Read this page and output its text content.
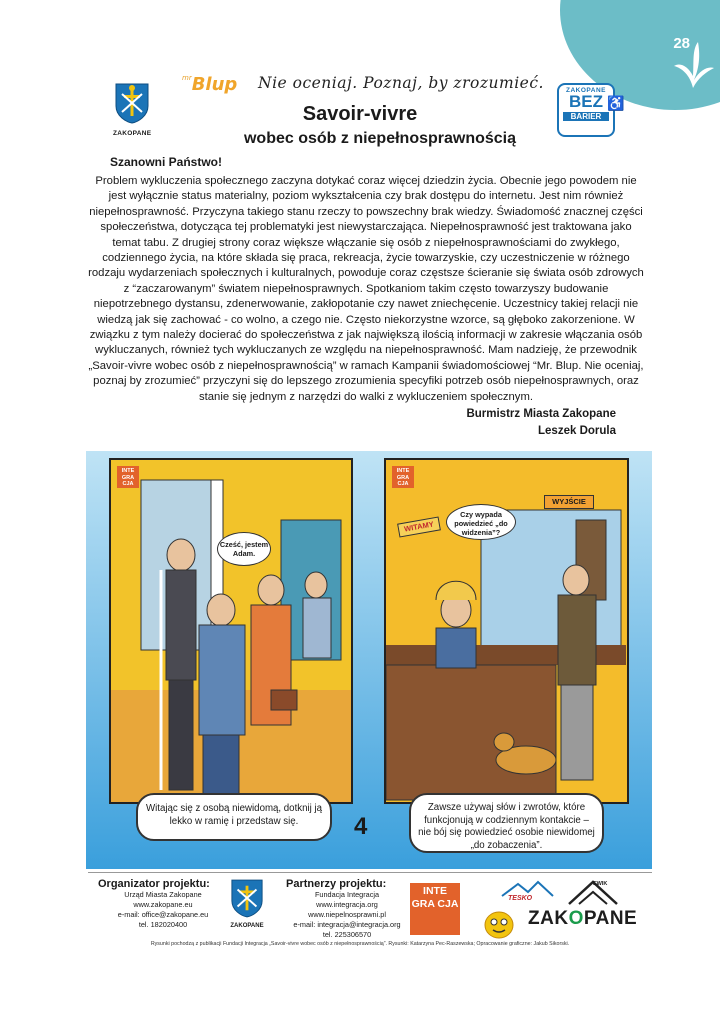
28
ZAKOPANE
$^{mr}$Blup Nie oceniaj. Poznaj, by zrozumieć.
Savoir-vivre
wobec osób z niepełnosprawnością
ZAKOPANE
BEZ
BARIER
♿
Szanowni Państwo!
Problem wykluczenia społecznego zaczyna dotykać coraz więcej dziedzin życia. Obecnie jego powodem nie jest wyłącznie status materialny, poziom wykształcenia czy brak dostępu do internetu. Jest nim również niepełnosprawność. Przyczyna takiego stanu rzeczy to powszechny brak wiedzy. Świadomość znacznej części społeczeństwa, dotycząca tej problematyki jest niewystarczająca. Niepełnosprawność jest traktowana jako temat tabu. Z drugiej strony coraz większe włączanie się osób z niepełnosprawnościami do zwykłego, codziennego życia, na które składa się praca, rekreacja, życie towarzyskie, czy uczestniczenie w różnego rodzaju wydarzeniach społecznych i kulturalnych, powoduje coraz częstsze ścieranie się świata osób zdrowych z “zaczarowanym” światem niepełnosprawnych. Spotkaniom takim często towarzyszy budowanie niepotrzebnego dystansu, zdenerwowanie, zakłopotanie czy nawet zniechęcenie. Uczestnicy takiej relacji nie wiedzą jak się zachować - co wolno, a czego nie. Często niekorzystne wzorce, są głęboko zakorzenione. W związku z tym należy docierać do społeczeństwa z jak największą ilością informacji w zakresie włączania osób wykluczanych, również tych wykluczanych ze względu na niepełnosprawność. Mam nadzieję, że przewodnik „Savoir-vivre wobec osób z niepełnosprawnością” w ramach Kampanii świadomościowej “Mr. Blup. Nie oceniaj, poznaj by zrozumieć” przyczyni się do lepszego zrozumienia specyfiki potrzeb osób niepełnosprawnych, oraz stanie się jednym z narzędzi do walki z wykluczeniem społecznym.
Burmistrz Miasta Zakopane
Leszek Dorula
INTE GRA CJA
Cześć, jestem Adam.
INTE GRA CJA
WYJŚCIE
WITAMY
Czy wypada powiedzieć „do widzenia”?
Witając się z osobą niewidomą, dotknij ją lekko w ramię i przedstaw się.	4
Zawsze używaj słów i zwrotów, które funkcjonują w codziennym kontakcie – nie bój się powiedzieć osobie niewidomej „do zobaczenia”.
Organizator projektu:
Urząd Miasta Zakopane
www.zakopane.eu
e-mail: office@zakopane.eu
tel. 182020400	ZAKOPANE
Partnerzy projektu:
Fundacja Integracja
www.integracja.org
www.niepelnosprawni.pl
e-mail: integracja@integracja.org
tel. 225306570
INTE GRA CJA	TESKO
EWIK
ZAKOPANE
Rysunki pochodzą z publikacji Fundacji Integracja „Savoir-vivre wobec osób z niepełnosprawnością”. Rysunki: Katarzyna Pec-Raszewska; Opracowanie graficzne: Jakub Sikorski.
